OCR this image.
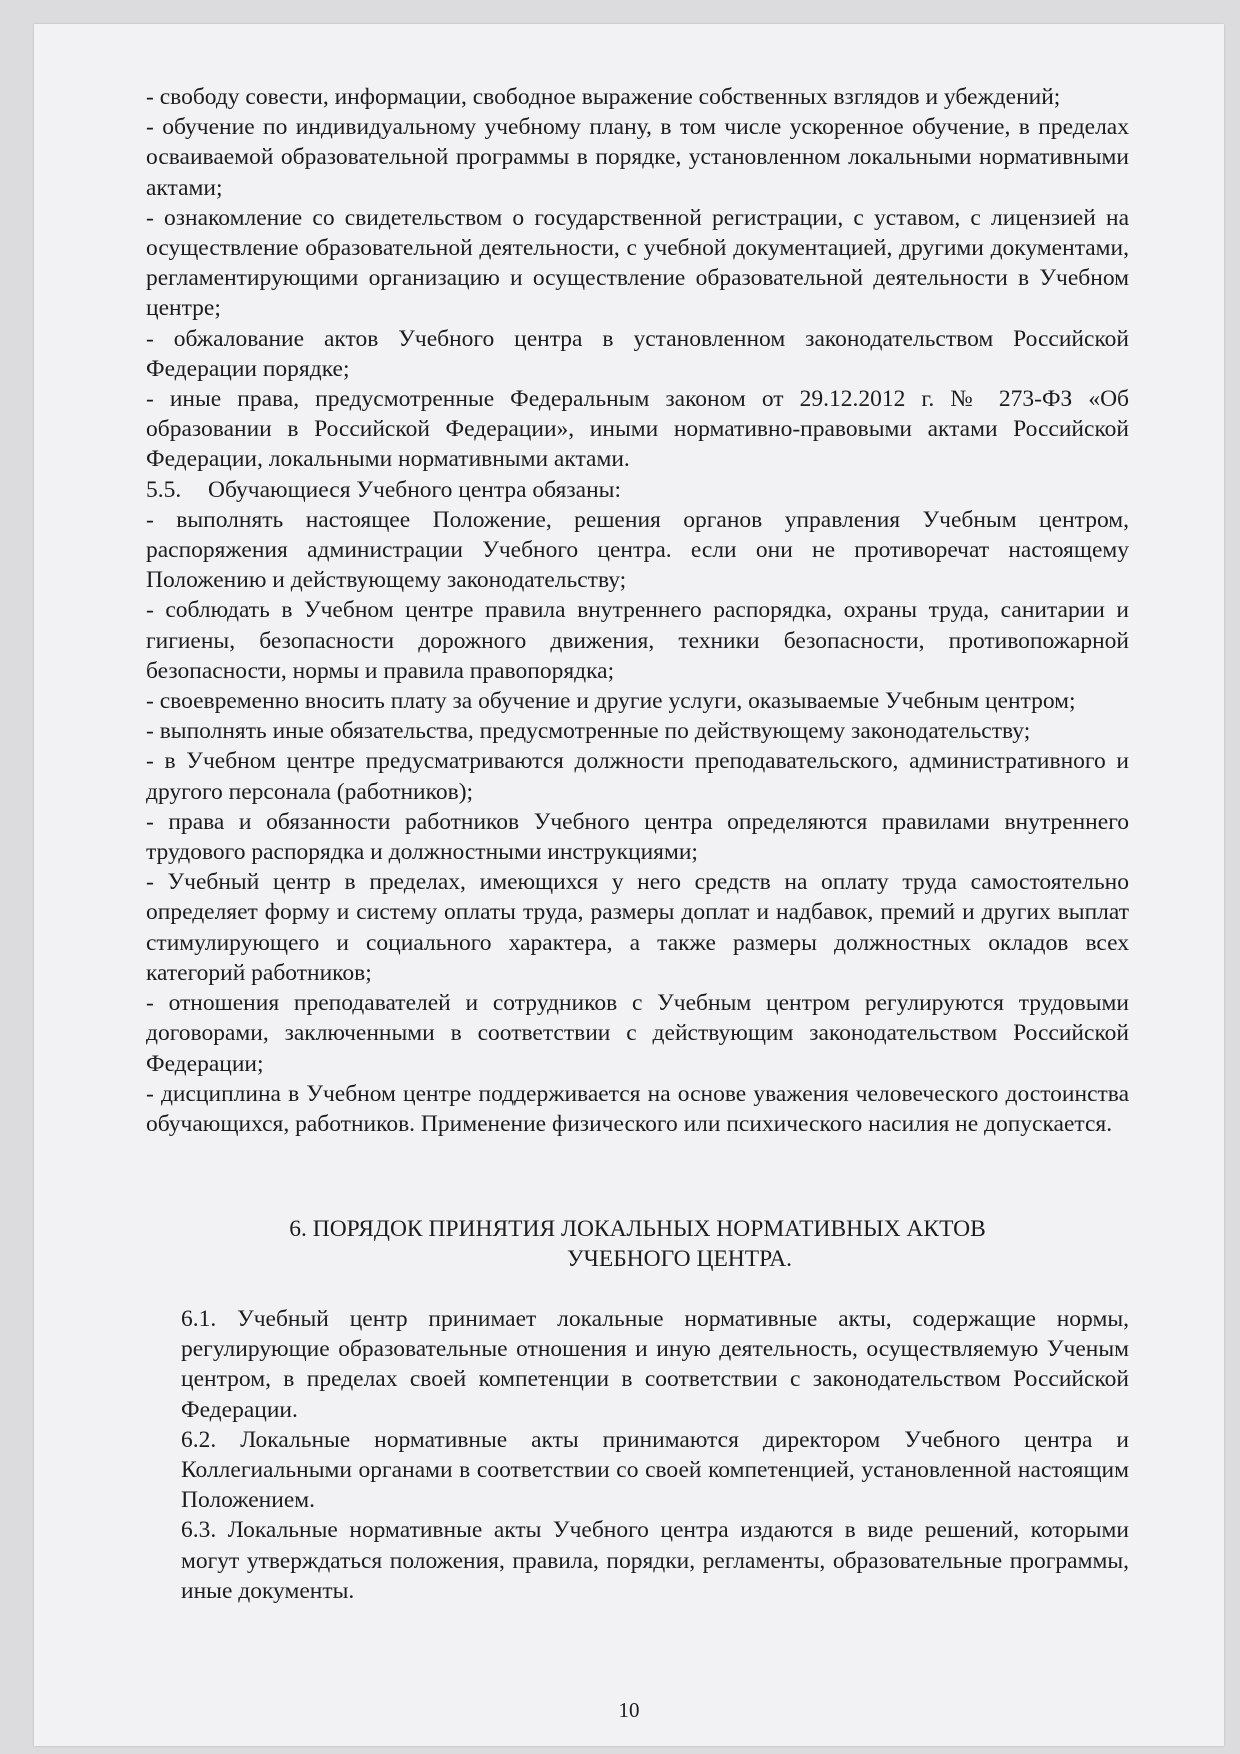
- свободу совести, информации, свободное выражение собственных взглядов и убеждений;

- обучение по индивидуальному учебному плану, в том числе ускоренное обучение, в пределах осваиваемой образовательной программы в порядке, установленном локальными нормативными актами;

- ознакомление со свидетельством о государственной регистрации, с уставом, с лицензией на осуществление образовательной деятельности, с учебной документацией, другими документами, регламентирующими организацию и осуществление образовательной деятельности в Учебном центре;

- обжалование актов Учебного центра в установленном законодательством Российской Федерации порядке;

- иные права, предусмотренные Федеральным законом от 29.12.2012 г. № 273-ФЗ «Об образовании в Российской Федерации», иными нормативно-правовыми актами Российской Федерации, локальными нормативными актами.

5.5.	Обучающиеся Учебного центра обязаны:

- выполнять настоящее Положение, решения органов управления Учебным центром, распоряжения администрации Учебного центра. если они не противоречат настоящему Положению и действующему законодательству;

- соблюдать в Учебном центре правила внутреннего распорядка, охраны труда, санитарии и гигиены, безопасности дорожного движения, техники безопасности, противопожарной безопасности, нормы и правила правопорядка;

- своевременно вносить плату за обучение и другие услуги, оказываемые Учебным центром;

- выполнять иные обязательства, предусмотренные по действующему законодательству;

- в Учебном центре предусматриваются должности преподавательского, административного и другого персонала (работников);

- права и обязанности работников Учебного центра определяются правилами внутреннего трудового распорядка и должностными инструкциями;

- Учебный центр в пределах, имеющихся у него средств на оплату труда самостоятельно определяет форму и систему оплаты труда, размеры доплат и надбавок, премий и других выплат стимулирующего и социального характера, а также размеры должностных окладов всех категорий работников;

- отношения преподавателей и сотрудников с Учебным центром регулируются трудовыми договорами, заключенными в соответствии с действующим законодательством Российской Федерации;

- дисциплина в Учебном центре поддерживается на основе уважения человеческого достоинства обучающихся, работников. Применение физического или психического насилия не допускается.

6. ПОРЯДОК ПРИНЯТИЯ ЛОКАЛЬНЫХ НОРМАТИВНЫХ АКТОВ
УЧЕБНОГО ЦЕНТРА.

6.1. Учебный центр принимает локальные нормативные акты, содержащие нормы, регулирующие образовательные отношения и иную деятельность, осуществляемую Ученым центром, в пределах своей компетенции в соответствии с законодательством Российской Федерации.

6.2. Локальные нормативные акты принимаются директором Учебного центра и Коллегиальными органами в соответствии со своей компетенцией, установленной настоящим Положением.

6.3. Локальные нормативные акты Учебного центра издаются в виде решений, которыми могут утверждаться положения, правила, порядки, регламенты, образовательные программы, иные документы.

10
